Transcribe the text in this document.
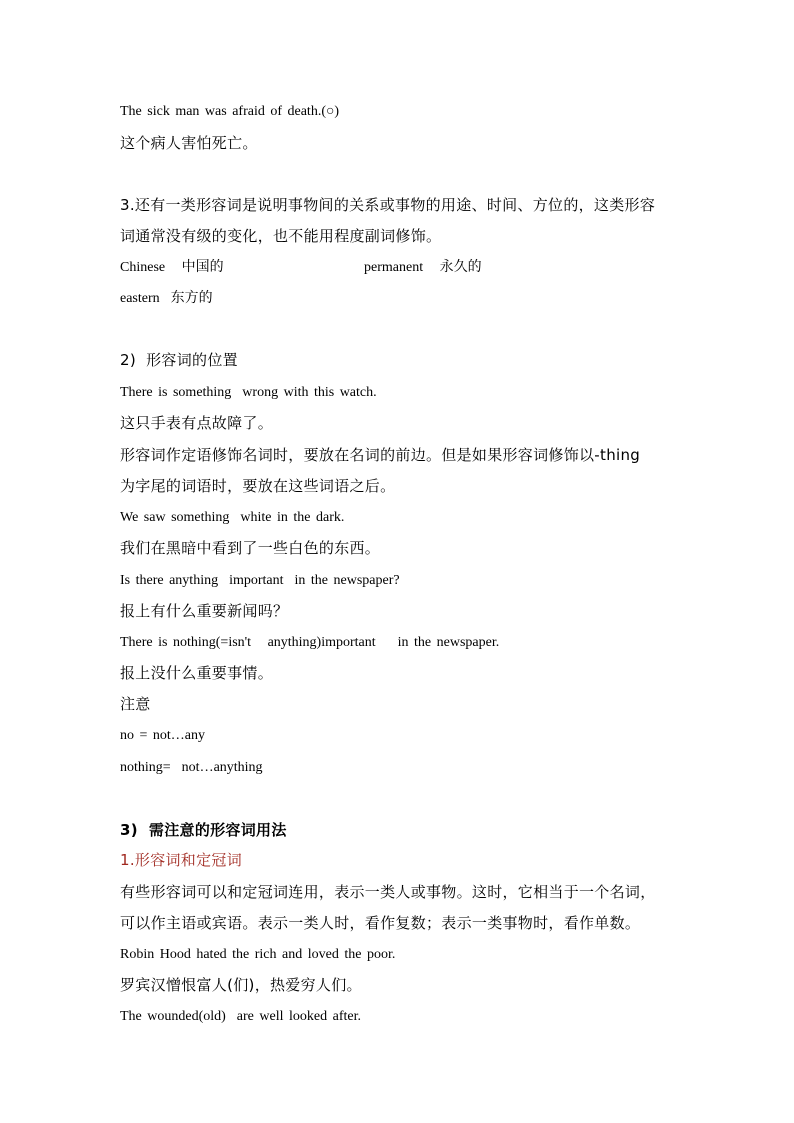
The sick man was afraid of death.(○)
这个病人害怕死亡。
3.还有一类形容词是说明事物间的关系或事物的用途、时间、方位的，这类形容
词通常没有级的变化，也不能用程度副词修饰。

Chinese   中国的

	permanent   永久的

eastern  东方的
2)  形容词的位置
There is something  wrong with this watch.
这只手表有点故障了。
形容词作定语修饰名词时，要放在名词的前边。但是如果形容词修饰以-thing
为字尾的词语时，要放在这些词语之后。
We saw something  white in the dark.
我们在黑暗中看到了一些白色的东西。
Is there anything  important  in the newspaper?
报上有什么重要新闻吗？
There is nothing(=isn't   anything)important    in the newspaper.
报上没什么重要事情。
注意
no = not…any
nothing=  not…anything
3)  需注意的形容词用法
1.形容词和定冠词
有些形容词可以和定冠词连用，表示一类人或事物。这时，它相当于一个名词，
可以作主语或宾语。表示一类人时，看作复数；表示一类事物时，看作单数。
Robin Hood hated the rich and loved the poor.
罗宾汉憎恨富人(们)，热爱穷人们。
The wounded(old)  are well looked after.
